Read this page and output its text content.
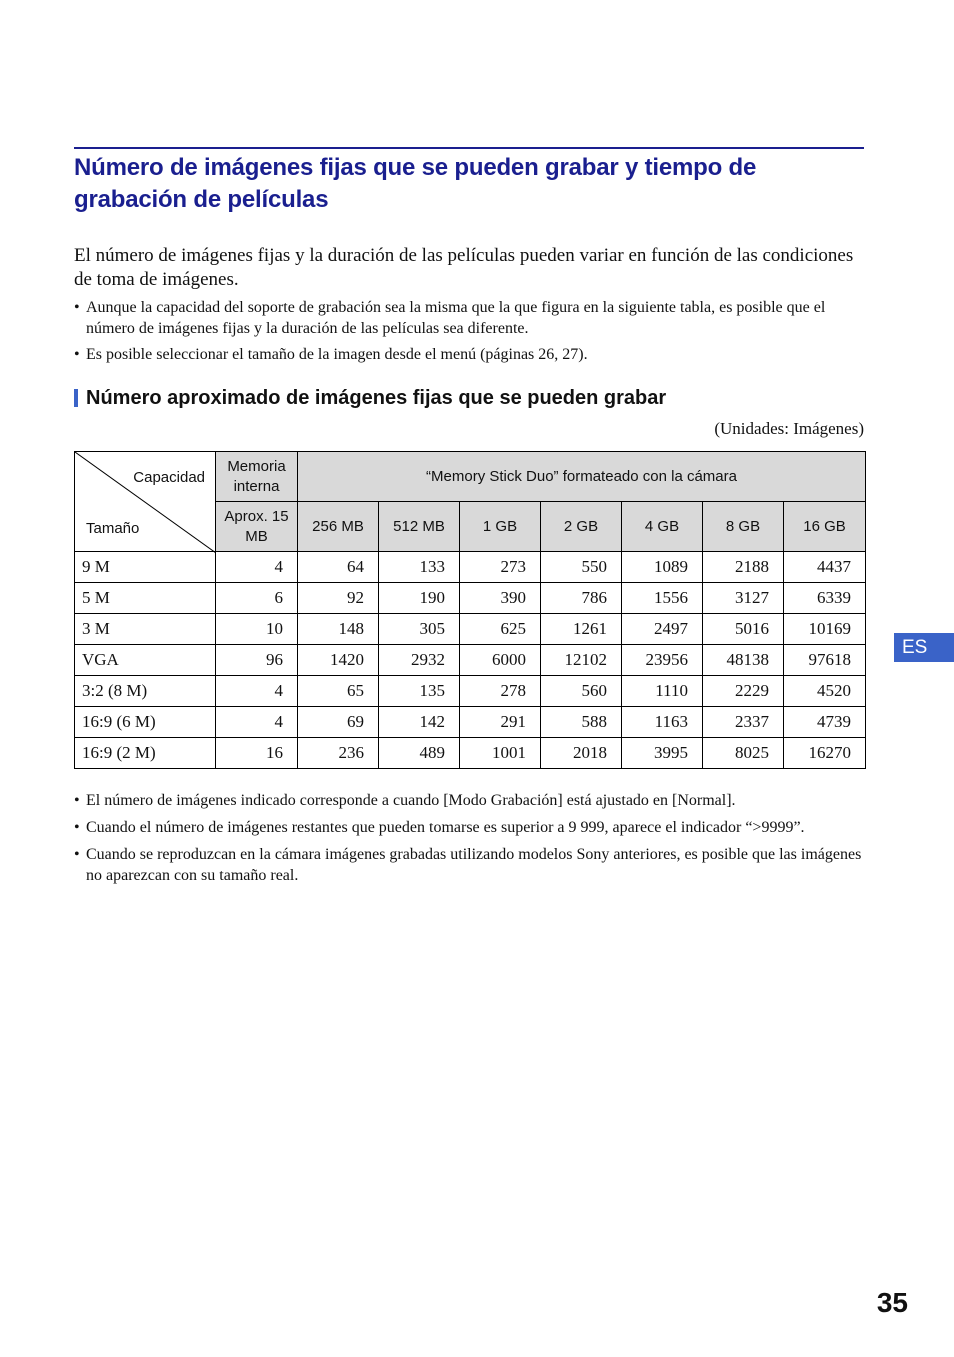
Número de imágenes fijas que se pueden grabar y tiempo de grabación de películas
El número de imágenes fijas y la duración de las películas pueden variar en función de las condiciones de toma de imágenes.
• Aunque la capacidad del soporte de grabación sea la misma que la que figura en la siguiente tabla, es posible que el número de imágenes fijas y la duración de las películas sea diferente.
• Es posible seleccionar el tamaño de la imagen desde el menú (páginas 26, 27).
Número aproximado de imágenes fijas que se pueden grabar
(Unidades: Imágenes)
Capacidad
Tamaño	Memoria interna	“Memory Stick Duo” formateado con la cámara						
	Aprox. 15 MB	256 MB	512 MB	1 GB	2 GB	4 GB	8 GB	16 GB
9 M	4	64	133	273	550	1089	2188	4437
5 M	6	92	190	390	786	1556	3127	6339
3 M	10	148	305	625	1261	2497	5016	10169
VGA	96	1420	2932	6000	12102	23956	48138	97618
3:2 (8 M)	4	65	135	278	560	1110	2229	4520
16:9 (6 M)	4	69	142	291	588	1163	2337	4739
16:9 (2 M)	16	236	489	1001	2018	3995	8025	16270
• El número de imágenes indicado corresponde a cuando [Modo Grabación] está ajustado en [Normal].
• Cuando el número de imágenes restantes que pueden tomarse es superior a 9 999, aparece el indicador “>9999”.
• Cuando se reproduzcan en la cámara imágenes grabadas utilizando modelos Sony anteriores, es posible que las imágenes no aparezcan con su tamaño real.
ES
35
